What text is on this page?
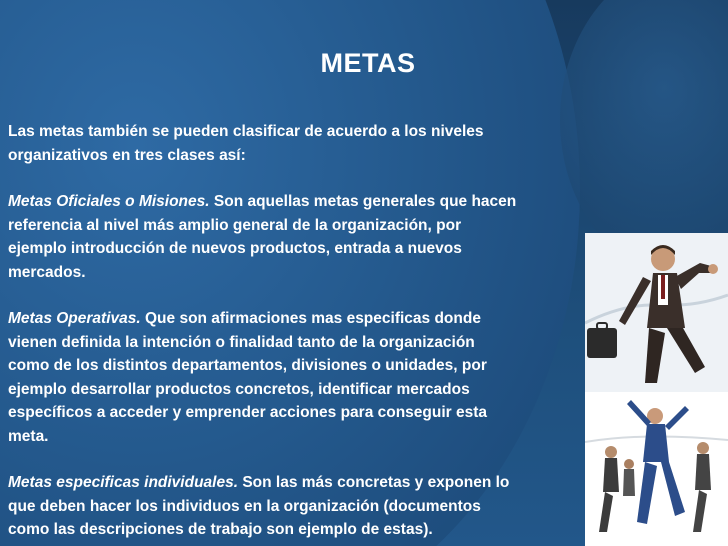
METAS

Las metas también se pueden clasificar de acuerdo a los niveles organizativos en tres clases así:

Metas Oficiales o Misiones. Son aquellas metas generales que hacen referencia al nivel más amplio general de la organización, por ejemplo introducción de nuevos productos, entrada a nuevos mercados.

Metas Operativas. Que son afirmaciones mas especificas donde vienen definida la intención o finalidad tanto de la organización como de los distintos departamentos, divisiones o unidades, por ejemplo desarrollar productos concretos, identificar mercados específicos a acceder y emprender acciones para conseguir esta meta.

Metas especificas individuales. Son las más concretas y exponen lo que deben hacer los individuos en la organización (documentos como las descripciones de trabajo son ejemplo de estas).
